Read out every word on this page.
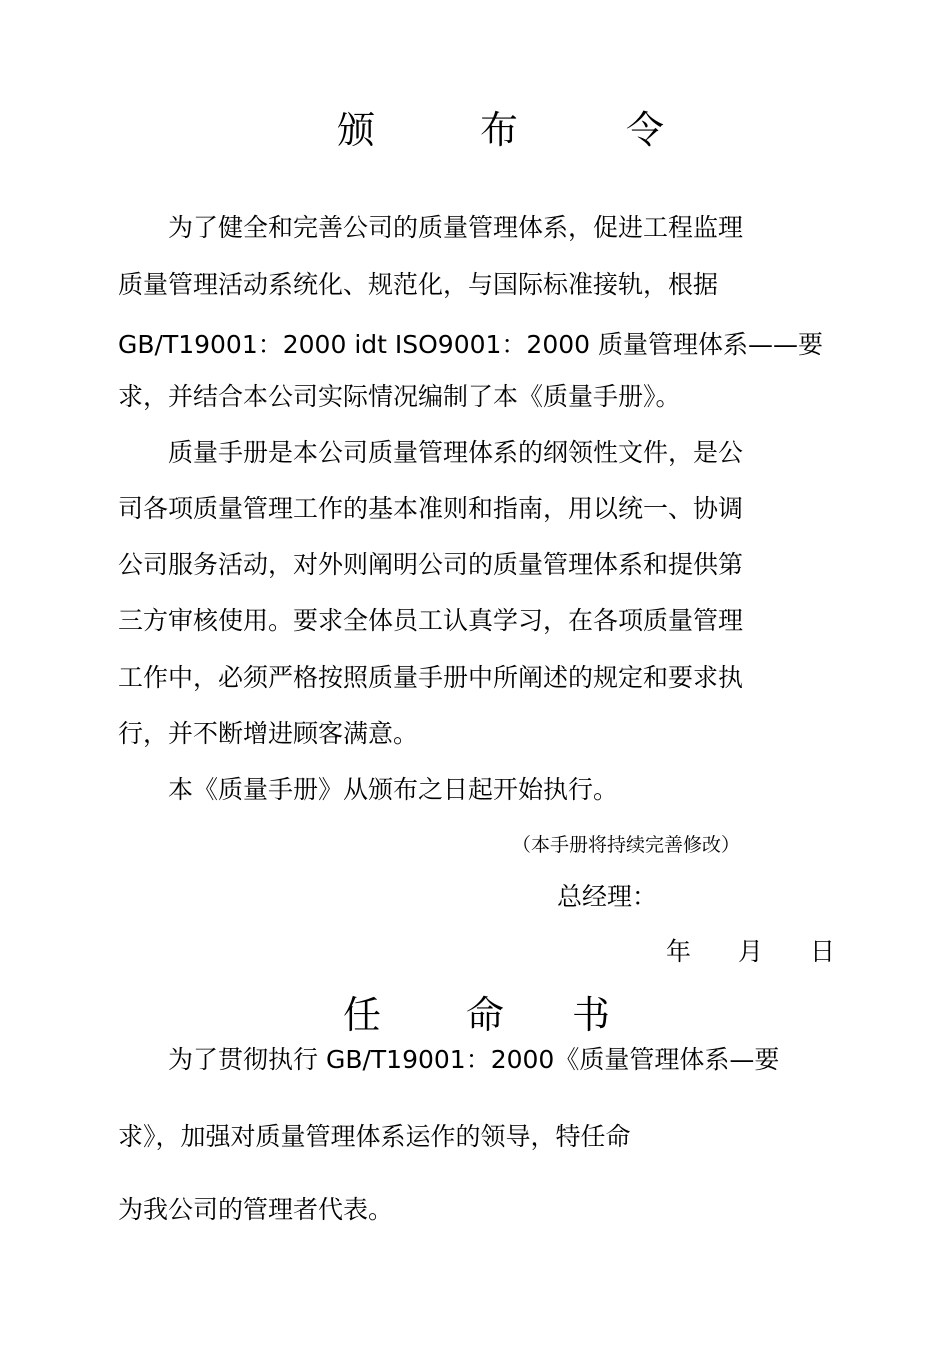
颁	布	令
为了健全和完善公司的质量管理体系，促进工程监理
质量管理活动系统化、规范化，与国际标准接轨，根据
GB/T19001：2000 idt ISO9001：2000 质量管理体系——要
求，并结合本公司实际情况编制了本《质量手册》。
质量手册是本公司质量管理体系的纲领性文件，是公
司各项质量管理工作的基本准则和指南，用以统一、协调
公司服务活动，对外则阐明公司的质量管理体系和提供第
三方审核使用。要求全体员工认真学习，在各项质量管理
工作中，必须严格按照质量手册中所阐述的规定和要求执
行，并不断增进顾客满意。
本《质量手册》从颁布之日起开始执行。
（本手册将持续完善修改）
总经理：
年 月 日
任 命 书
为了贯彻执行 GB/T19001：2000《质量管理体系—要
求》，加强对质量管理体系运作的领导，特任命
为我公司的管理者代表。
